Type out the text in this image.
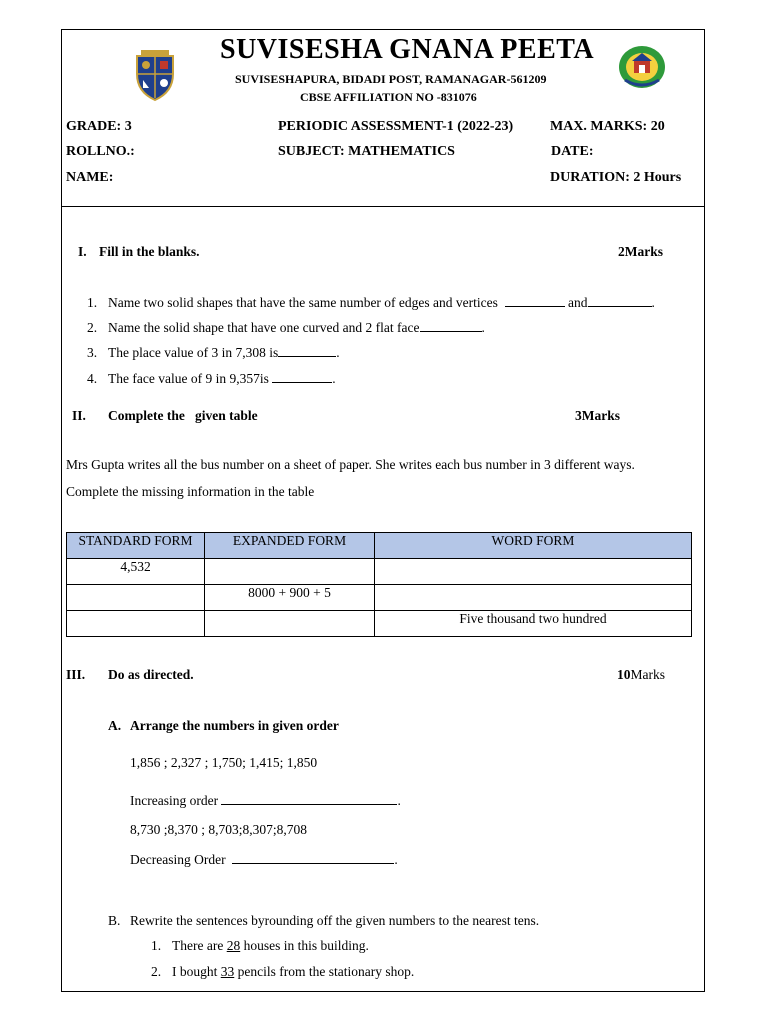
SUVISESHA GNANA PEETA
SUVISESHAPURA, BIDADI POST, RAMANAGAR-561209
CBSE AFFILIATION NO -831076
GRADE: 3	PERIODIC ASSESSMENT-1 (2022-23)	MAX. MARKS: 20
ROLLNO.:	SUBJECT: MATHEMATICS	DATE:
NAME:	DURATION: 2 Hours
I. Fill in the blanks.	2Marks
1. Name two solid shapes that have the same number of edges and vertices	and	.
2. Name the solid shape that have one curved and 2 flat face	.
3. The place value of 3 in 7,308 is	.
4. The face value of 9 in 9,357is	.
II. Complete the   given table	3Marks
Mrs Gupta writes all the bus number on a sheet of paper. She writes each bus number in 3 different ways.
Complete the missing information in the table
STANDARD FORM	EXPANDED FORM	WORD FORM
4,532		
	8000 + 900 + 5	
		Five thousand two hundred
III. Do as directed.	10Marks
A. Arrange the numbers in given order
1,856 ; 2,327 ; 1,750; 1,415; 1,850
Increasing order	.
8,730 ;8,370 ; 8,703;8,307;8,708
Decreasing Order	.
B. Rewrite the sentences byrounding off the given numbers to the nearest tens.
1. There are 28 houses in this building.
2. I bought 33 pencils from the stationary shop.
